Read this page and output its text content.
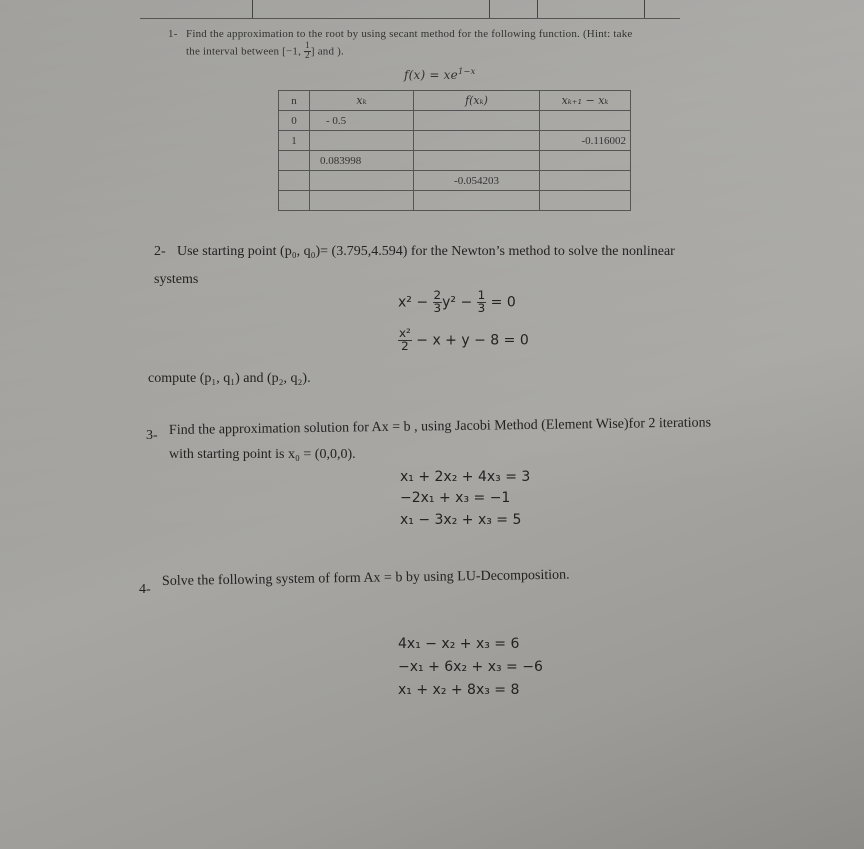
1- Find the approximation to the root by using secant method for the following function. (Hint: take
the interval between [−1, $\frac{1}{2}$ ] and ).
$f(x) = xe^{1-x}$
n	xₖ	f(xₖ)	xₖ₊₁ − xₖ
0	- 0.5		
1			-0.116002
	0.083998		
		-0.054203	

2- Use starting point (p₀, q₀)= (3.795,4.594) for the Newton’s method to solve the nonlinear
systems
$x^2 - \frac{2}{3} y^2 - \frac{1}{3} = 0$
$\frac{\text{x²}}{2} - x + y - 8 = 0$
compute (p₁, q₁) and (p₂, q₂).
3- Find the approximation solution for Ax = b , using Jacobi Method (Element Wise)for 2 iterations
with starting point is x₀ = (0,0,0).
x₁ + 2x₂ + 4x₃ = 3
−2x₁ + x₃ = −1
x₁ − 3x₂ + x₃ = 5
4-
Solve the following system of form Ax = b by using LU-Decomposition.
4x₁ − x₂ + x₃ = 6
−x₁ + 6x₂ + x₃ = −6
x₁ + x₂ + 8x₃ = 8
